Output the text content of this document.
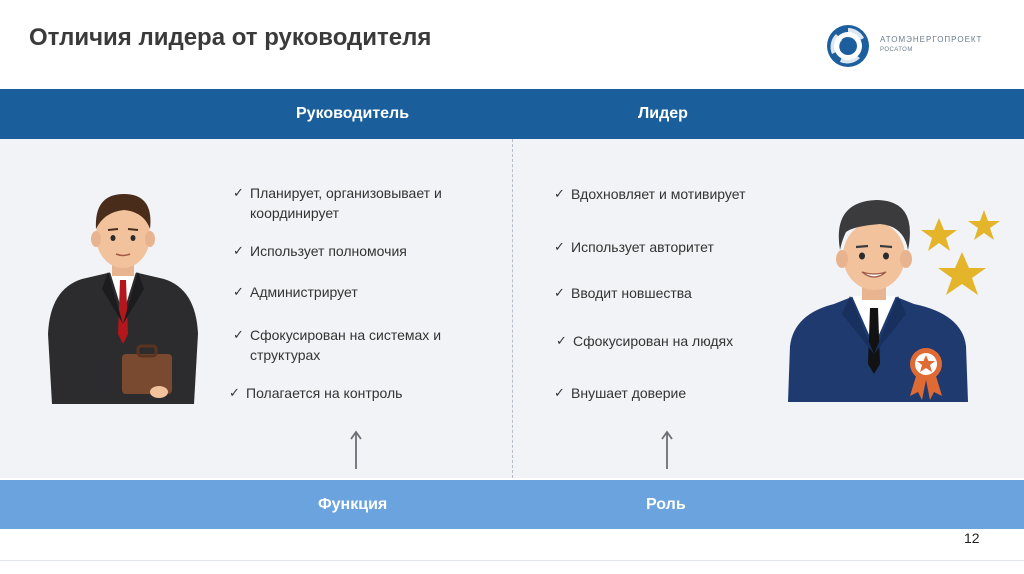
Отличия лидера от руководителя	АТОМЭНЕРГОПРОЕКТ
РОСАТОМ
Руководитель	Лидер
✓ Планирует, организовывает и координирует
✓ Использует полномочия
✓ Администрирует
✓ Сфокусирован на системах и структурах
✓ Полагается на контроль
✓ Вдохновляет и мотивирует
✓ Использует авторитет
✓ Вводит новшества
✓ Сфокусирован на людях
✓ Внушает доверие
Функция	Роль
12
